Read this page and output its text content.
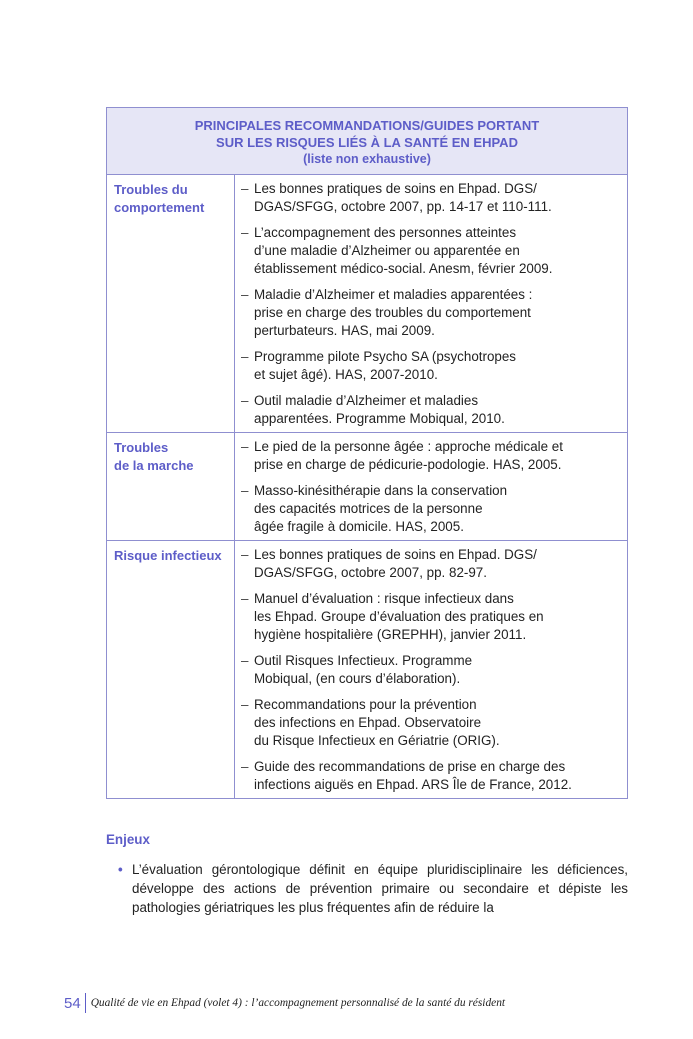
PRINCIPALES RECOMMANDATIONS/GUIDES PORTANT
SUR LES RISQUES LIÉS À LA SANTÉ EN EHPAD
(liste non exhaustive)
Troubles du
comportement
– Les bonnes pratiques de soins en Ehpad. DGS/
DGAS/SFGG, octobre 2007, pp. 14-17 et 110-111.
– L’accompagnement des personnes atteintes
d’une maladie d’Alzheimer ou apparentée en
établissement médico-social. Anesm, février 2009.
– Maladie d’Alzheimer et maladies apparentées :
prise en charge des troubles du comportement
perturbateurs. HAS, mai 2009.
– Programme pilote Psycho SA (psychotropes
et sujet âgé). HAS, 2007-2010.
– Outil maladie d’Alzheimer et maladies
apparentées. Programme Mobiqual, 2010.
Troubles
de la marche
– Le pied de la personne âgée : approche médicale et
prise en charge de pédicurie-podologie. HAS, 2005.
– Masso-kinésithérapie dans la conservation
des capacités motrices de la personne
âgée fragile à domicile. HAS, 2005.
Risque infectieux	– Les bonnes pratiques de soins en Ehpad. DGS/
DGAS/SFGG, octobre 2007, pp. 82-97.
– Manuel d’évaluation : risque infectieux dans
les Ehpad. Groupe d’évaluation des pratiques en
hygiène hospitalière (GREPHH), janvier 2011.
– Outil Risques Infectieux. Programme
Mobiqual, (en cours d’élaboration).
– Recommandations pour la prévention
des infections en Ehpad. Observatoire
du Risque Infectieux en Gériatrie (ORIG).
– Guide des recommandations de prise en charge des
infections aiguës en Ehpad. ARS Île de France, 2012.
Enjeux
• L’évaluation gérontologique définit en équipe pluridisciplinaire les déficiences, développe des actions de prévention primaire ou secondaire et dépiste les pathologies gériatriques les plus fréquentes afin de réduire la
54 Qualité de vie en Ehpad (volet 4) : l’accompagnement personnalisé de la santé du résident
